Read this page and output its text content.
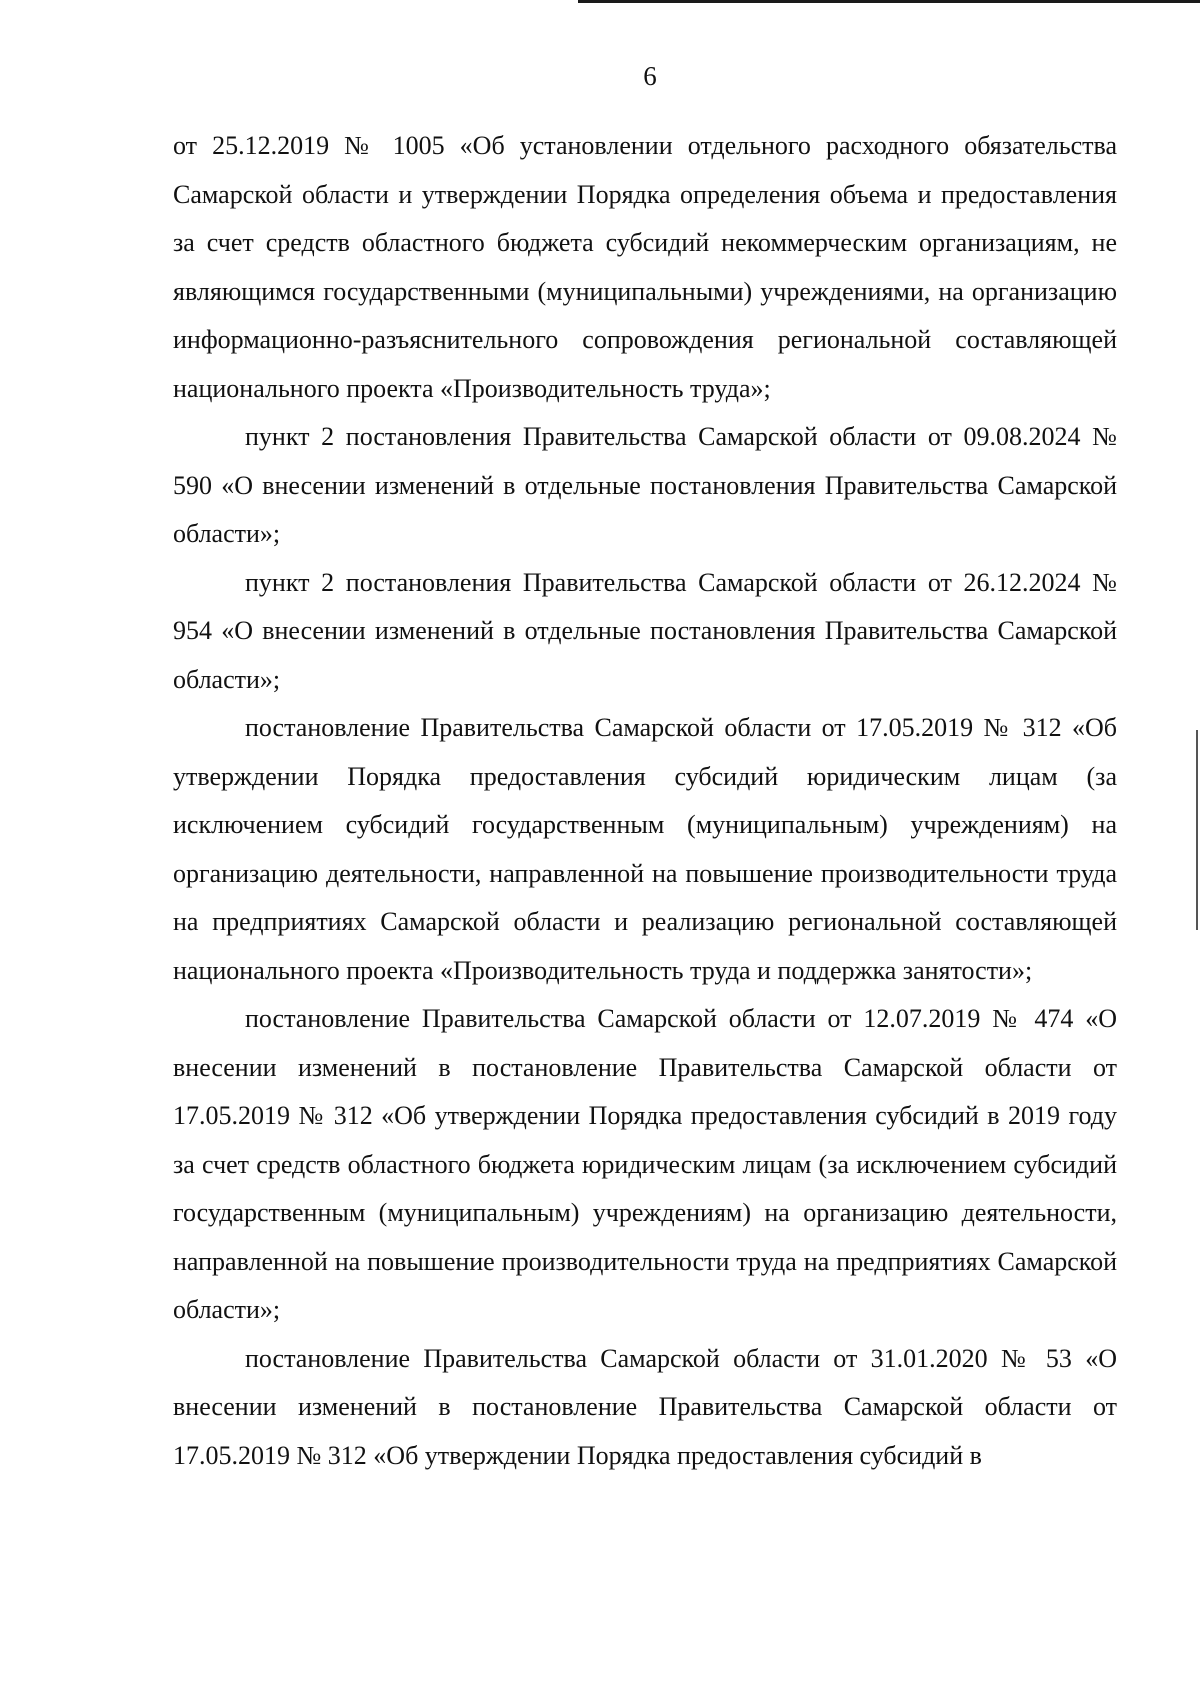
6

от 25.12.2019 № 1005 «Об установлении отдельного расходного обязательства Самарской области и утверждении Порядка определения объема и предоставления за счет средств областного бюджета субсидий некоммерческим организациям, не являющимся государственными (муниципальными) учреждениями, на организацию информационно-разъяснительного сопровождения региональной составляющей национального проекта «Производительность труда»;

пункт 2 постановления Правительства Самарской области от 09.08.2024 № 590 «О внесении изменений в отдельные постановления Правительства Самарской области»;

пункт 2 постановления Правительства Самарской области от 26.12.2024 № 954 «О внесении изменений в отдельные постановления Правительства Самарской области»;

постановление Правительства Самарской области от 17.05.2019 № 312 «Об утверждении Порядка предоставления субсидий юридическим лицам (за исключением субсидий государственным (муниципальным) учреждениям) на организацию деятельности, направленной на повышение производительности труда на предприятиях Самарской области и реализацию региональной составляющей национального проекта «Производительность труда и поддержка занятости»;

постановление Правительства Самарской области от 12.07.2019 № 474 «О внесении изменений в постановление Правительства Самарской области от 17.05.2019 № 312 «Об утверждении Порядка предоставления субсидий в 2019 году за счет средств областного бюджета юридическим лицам (за исключением субсидий государственным (муниципальным) учреждениям) на организацию деятельности, направленной на повышение производительности труда на предприятиях Самарской области»;

постановление Правительства Самарской области от 31.01.2020 № 53 «О внесении изменений в постановление Правительства Самарской области от 17.05.2019 № 312 «Об утверждении Порядка предоставления субсидий в
